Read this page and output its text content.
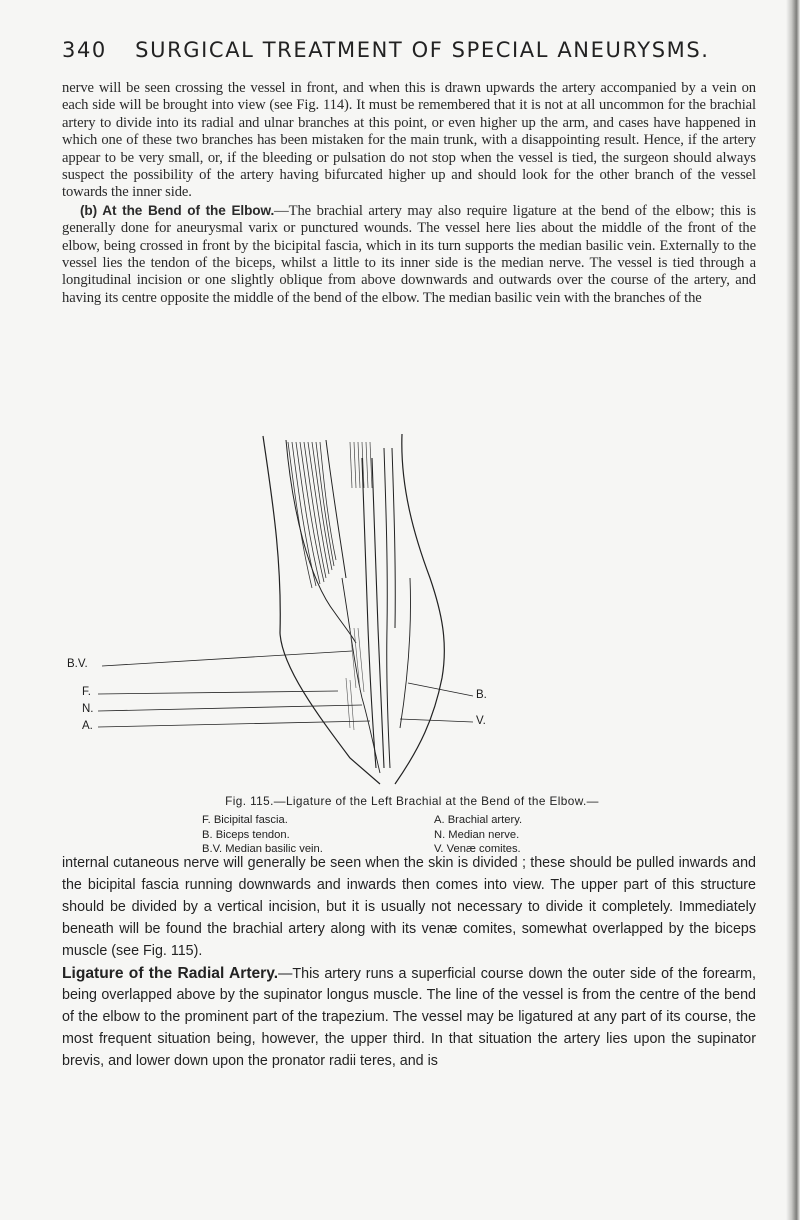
340 SURGICAL TREATMENT OF SPECIAL ANEURYSMS.

nerve will be seen crossing the vessel in front, and when this is drawn upwards the artery accompanied by a vein on each side will be brought into view (see Fig. 114). It must be remembered that it is not at all uncommon for the brachial artery to divide into its radial and ulnar branches at this point, or even higher up the arm, and cases have happened in which one of these two branches has been mistaken for the main trunk, with a disappointing result. Hence, if the artery appear to be very small, or, if the bleeding or pulsation do not stop when the vessel is tied, the surgeon should always suspect the possibility of the artery having bifurcated higher up and should look for the other branch of the vessel towards the inner side.

(b) At the Bend of the Elbow.—The brachial artery may also require ligature at the bend of the elbow; this is generally done for aneurysmal varix or punctured wounds. The vessel here lies about the middle of the front of the elbow, being crossed in front by the bicipital fascia, which in its turn supports the median basilic vein. Externally to the vessel lies the tendon of the biceps, whilst a little to its inner side is the median nerve. The vessel is tied through a longitudinal incision or one slightly oblique from above downwards and outwards over the course of the artery, and having its centre opposite the middle of the bend of the elbow. The median basilic vein with the branches of the

B.V.
F.
N.
A.
B.
V.
Fig. 115.—Ligature of the Left Brachial at the Bend of the Elbow.—
F. Bicipital fascia.	A. Brachial artery.
B. Biceps tendon.	N. Median nerve.
B.V. Median basilic vein.	V. Venæ comites.

internal cutaneous nerve will generally be seen when the skin is divided ; these should be pulled inwards and the bicipital fascia running downwards and inwards then comes into view. The upper part of this structure should be divided by a vertical incision, but it is usually not necessary to divide it completely. Immediately beneath will be found the brachial artery along with its venæ comites, somewhat overlapped by the biceps muscle (see Fig. 115).

Ligature of the Radial Artery.—This artery runs a superficial course down the outer side of the forearm, being overlapped above by the supinator longus muscle. The line of the vessel is from the centre of the bend of the elbow to the prominent part of the trapezium. The vessel may be ligatured at any part of its course, the most frequent situation being, however, the upper third. In that situation the artery lies upon the supinator brevis, and lower down upon the pronator radii teres, and is
